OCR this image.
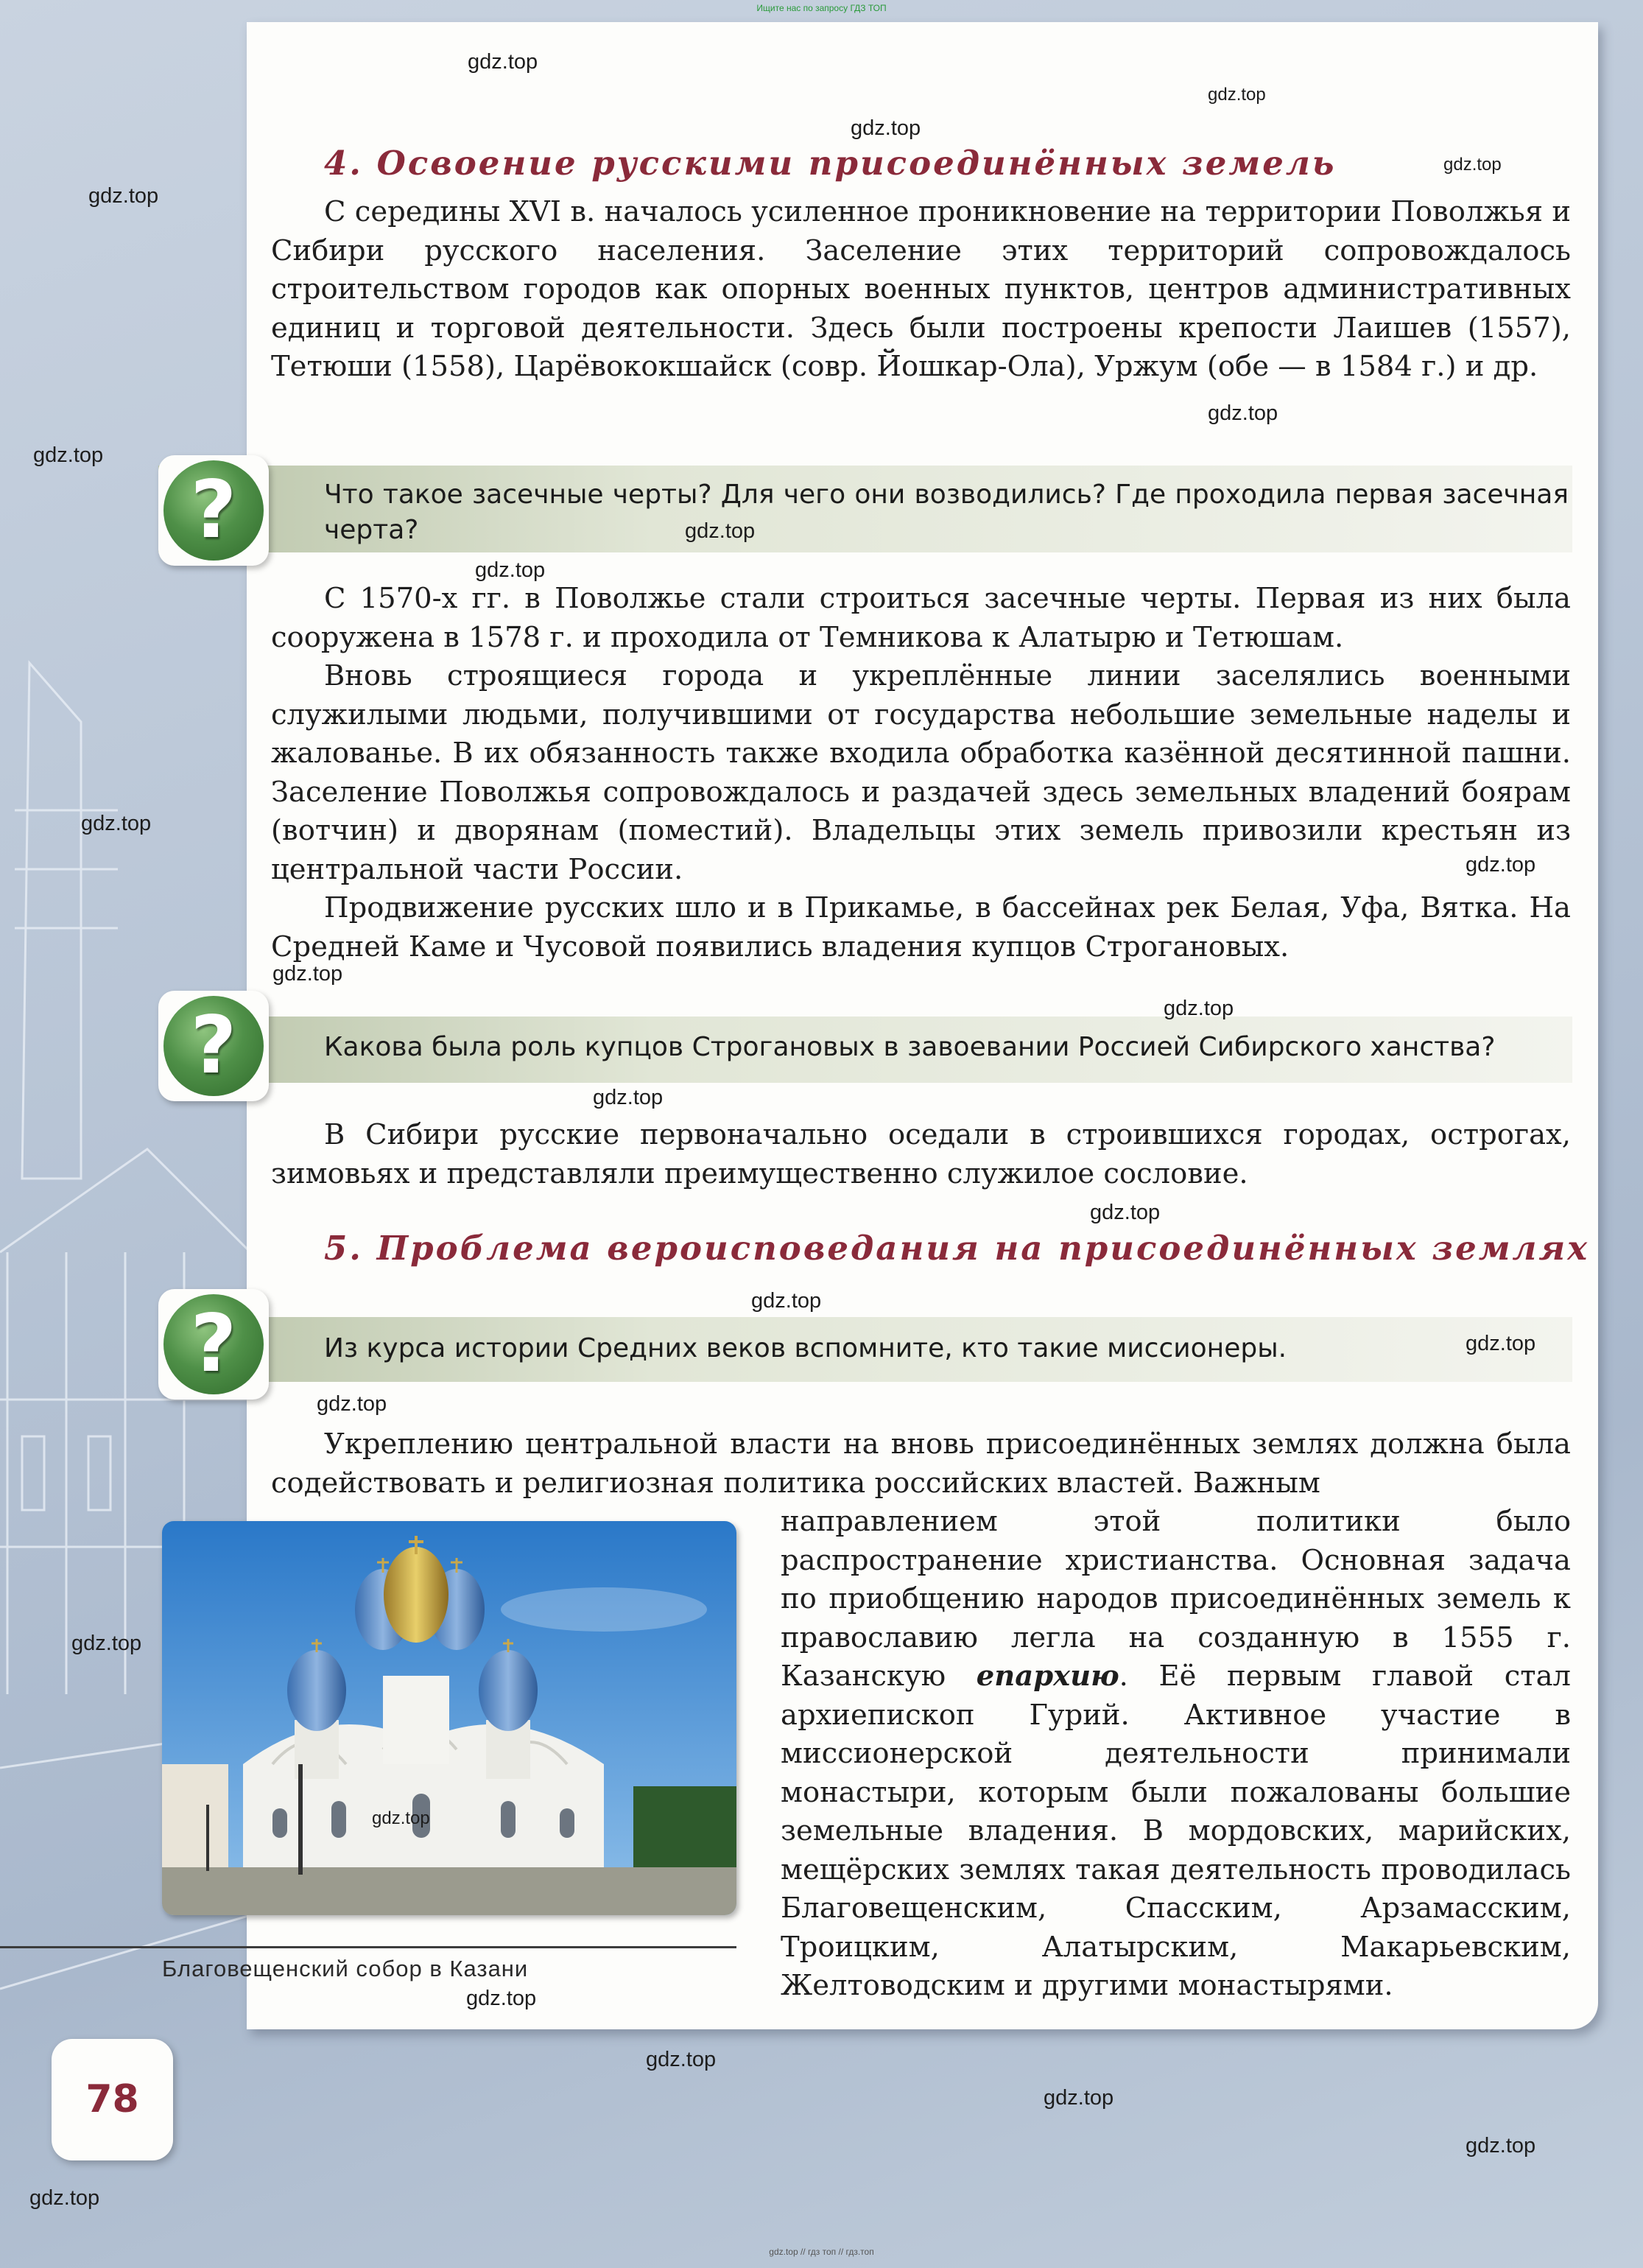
Ищите нас по запросу ГДЗ ТОП
4. Освоение русскими присоединённых земель

С середины XVI в. началось усиленное проникновение на территории Поволжья и Сибири русского населения. Заселение этих территорий сопровождалось строительством городов как опорных военных пунктов, центров административных единиц и торговой деятельности. Здесь были построены крепости Лаишев (1557), Тетюши (1558), Царёвококшайск (совр. Йошкар-Ола), Уржум (обе — в 1584 г.) и др.

?	Что такое засечные черты? Для чего они возводились? Где проходила первая засечная черта?

С 1570-х гг. в Поволжье стали строиться засечные черты. Первая из них была сооружена в 1578 г. и проходила от Темникова к Алатырю и Тетюшам.

Вновь строящиеся города и укреплённые линии заселялись военными служилыми людьми, получившими от государства небольшие земельные наделы и жалованье. В их обязанность также входила обработка казённой десятинной пашни. Заселение Поволжья сопровождалось и раздачей здесь земельных владений боярам (вотчин) и дворянам (поместий). Владельцы этих земель привозили крестьян из центральной части России.

Продвижение русских шло и в Прикамье, в бассейнах рек Белая, Уфа, Вятка. На Средней Каме и Чусовой появились владения купцов Строгановых.

?	Какова была роль купцов Строгановых в завоевании Россией Сибирского ханства?

В Сибири русские первоначально оседали в строившихся городах, острогах, зимовьях и представляли преимущественно служилое сословие.

5. Проблема вероисповедания на присоединённых землях
?	Из курса истории Средних веков вспомните, кто такие миссионеры.

Укреплению центральной власти на вновь присоединённых землях должна была содействовать и религиозная политика российских властей. Важным

направлением этой политики было распространение христианства. Основная задача по приобщению народов присоединённых земель к православию легла на созданную в 1555 г. Казанскую епархию. Её первым главой стал архиепископ Гурий. Активное участие в миссионерской деятельности принимали монастыри, которым были пожалованы большие земельные владения. В мордовских, марийских, мещёрских землях такая деятельность проводилась Благовещенским, Спасским, Арзамасским, Троицким, Алатырским, Макарьевским, Желтоводским и другими монастырями.

Благовещенский собор в Казани
78
gdz.top
gdz.top
gdz.top
gdz.top
gdz.top
gdz.top
gdz.top
gdz.top
gdz.top
gdz.top
gdz.top
gdz.top
gdz.top
gdz.top
gdz.top
gdz.top
gdz.top
gdz.top
gdz.top
gdz.top
gdz.top
gdz.top
gdz.top
gdz.top
gdz.top
gdz.top // гдз топ // гдз.топ
